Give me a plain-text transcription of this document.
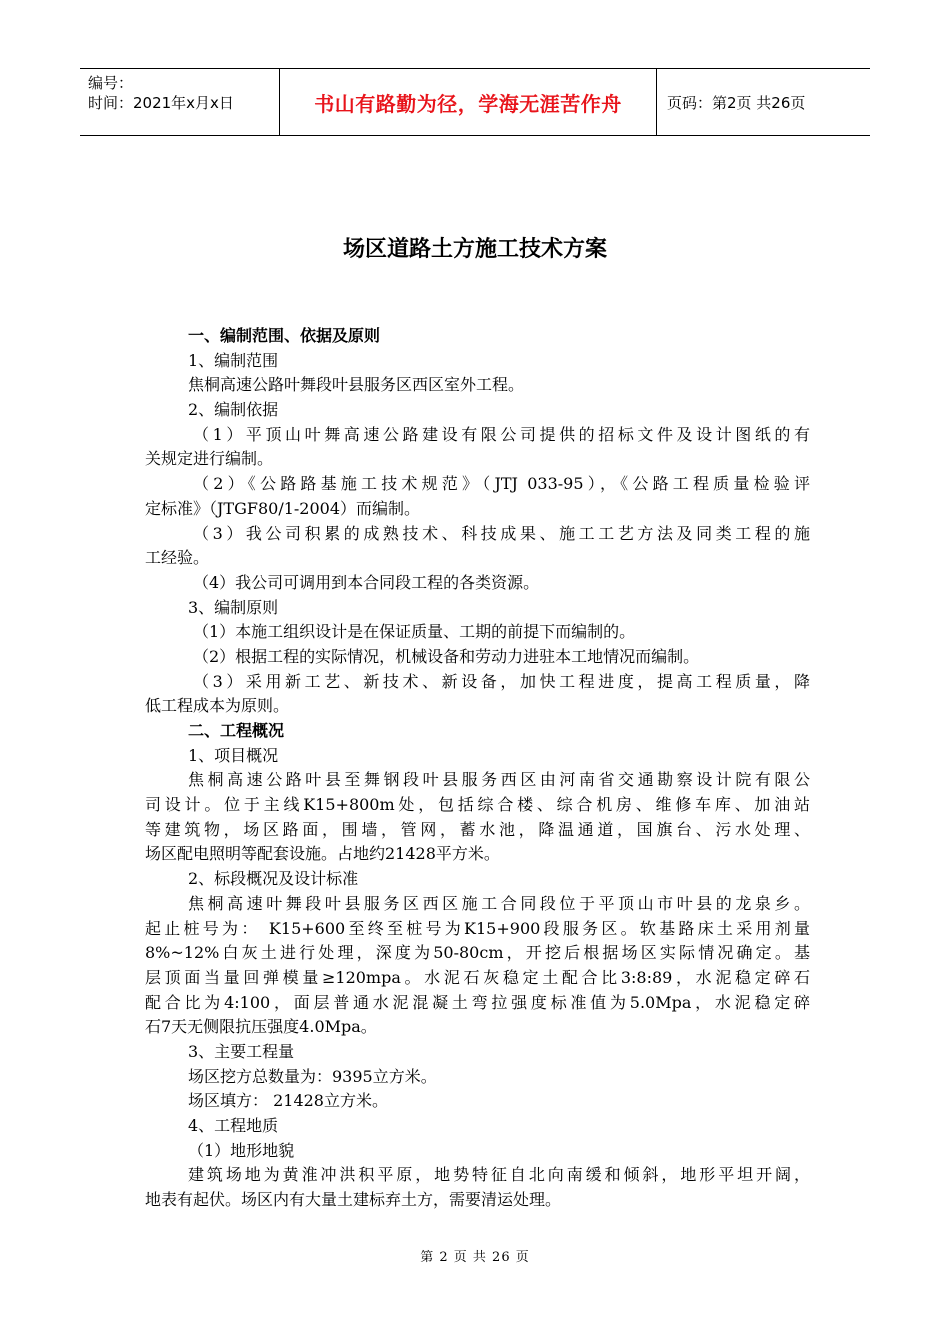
编号：
时间：2021年x月x日	书山有路勤为径，学海无涯苦作舟	页码：第2页 共26页
场区道路土方施工技术方案
一、编制范围、依据及原则
1、编制范围
焦桐高速公路叶舞段叶县服务区西区室外工程。
2、编制依据
（1）平顶山叶舞高速公路建设有限公司提供的招标文件及设计图纸的有
关规定进行编制。
（2）《公路路基施工技术规范》（JTJ 033-95），《公路工程质量检验评
定标准》（JTGF80/1-2004）而编制。
（3）我公司积累的成熟技术、科技成果、施工工艺方法及同类工程的施
工经验。
（4）我公司可调用到本合同段工程的各类资源。
3、编制原则
（1）本施工组织设计是在保证质量、工期的前提下而编制的。
（2）根据工程的实际情况，机械设备和劳动力进驻本工地情况而编制。
（3）采用新工艺、新技术、新设备，加快工程进度，提高工程质量，降
低工程成本为原则。
二、工程概况
1、项目概况
焦桐高速公路叶县至舞钢段叶县服务西区由河南省交通勘察设计院有限公
司设计。位于主线K15+800m处，包括综合楼、综合机房、维修车库、加油站
等建筑物，场区路面，围墙，管网，蓄水池，降温通道，国旗台、污水处理、
场区配电照明等配套设施。占地约21428平方米。
2、标段概况及设计标准
焦桐高速叶舞段叶县服务区西区施工合同段位于平顶山市叶县的龙泉乡。
起止桩号为： K15+600至终至桩号为K15+900段服务区。软基路床土采用剂量
8%~12%白灰土进行处理，深度为50-80cm，开挖后根据场区实际情况确定。基
层顶面当量回弹模量≥120mpa。水泥石灰稳定土配合比3:8:89，水泥稳定碎石
配合比为4:100，面层普通水泥混凝土弯拉强度标准值为5.0Mpa，水泥稳定碎
石7天无侧限抗压强度4.0Mpa。
3、主要工程量
场区挖方总数量为：9395立方米。
场区填方： 21428立方米。
4、工程地质
（1）地形地貌
建筑场地为黄淮冲洪积平原，地势特征自北向南缓和倾斜，地形平坦开阔，
地表有起伏。场区内有大量土建标弃土方，需要清运处理。
第 2 页 共 26 页
